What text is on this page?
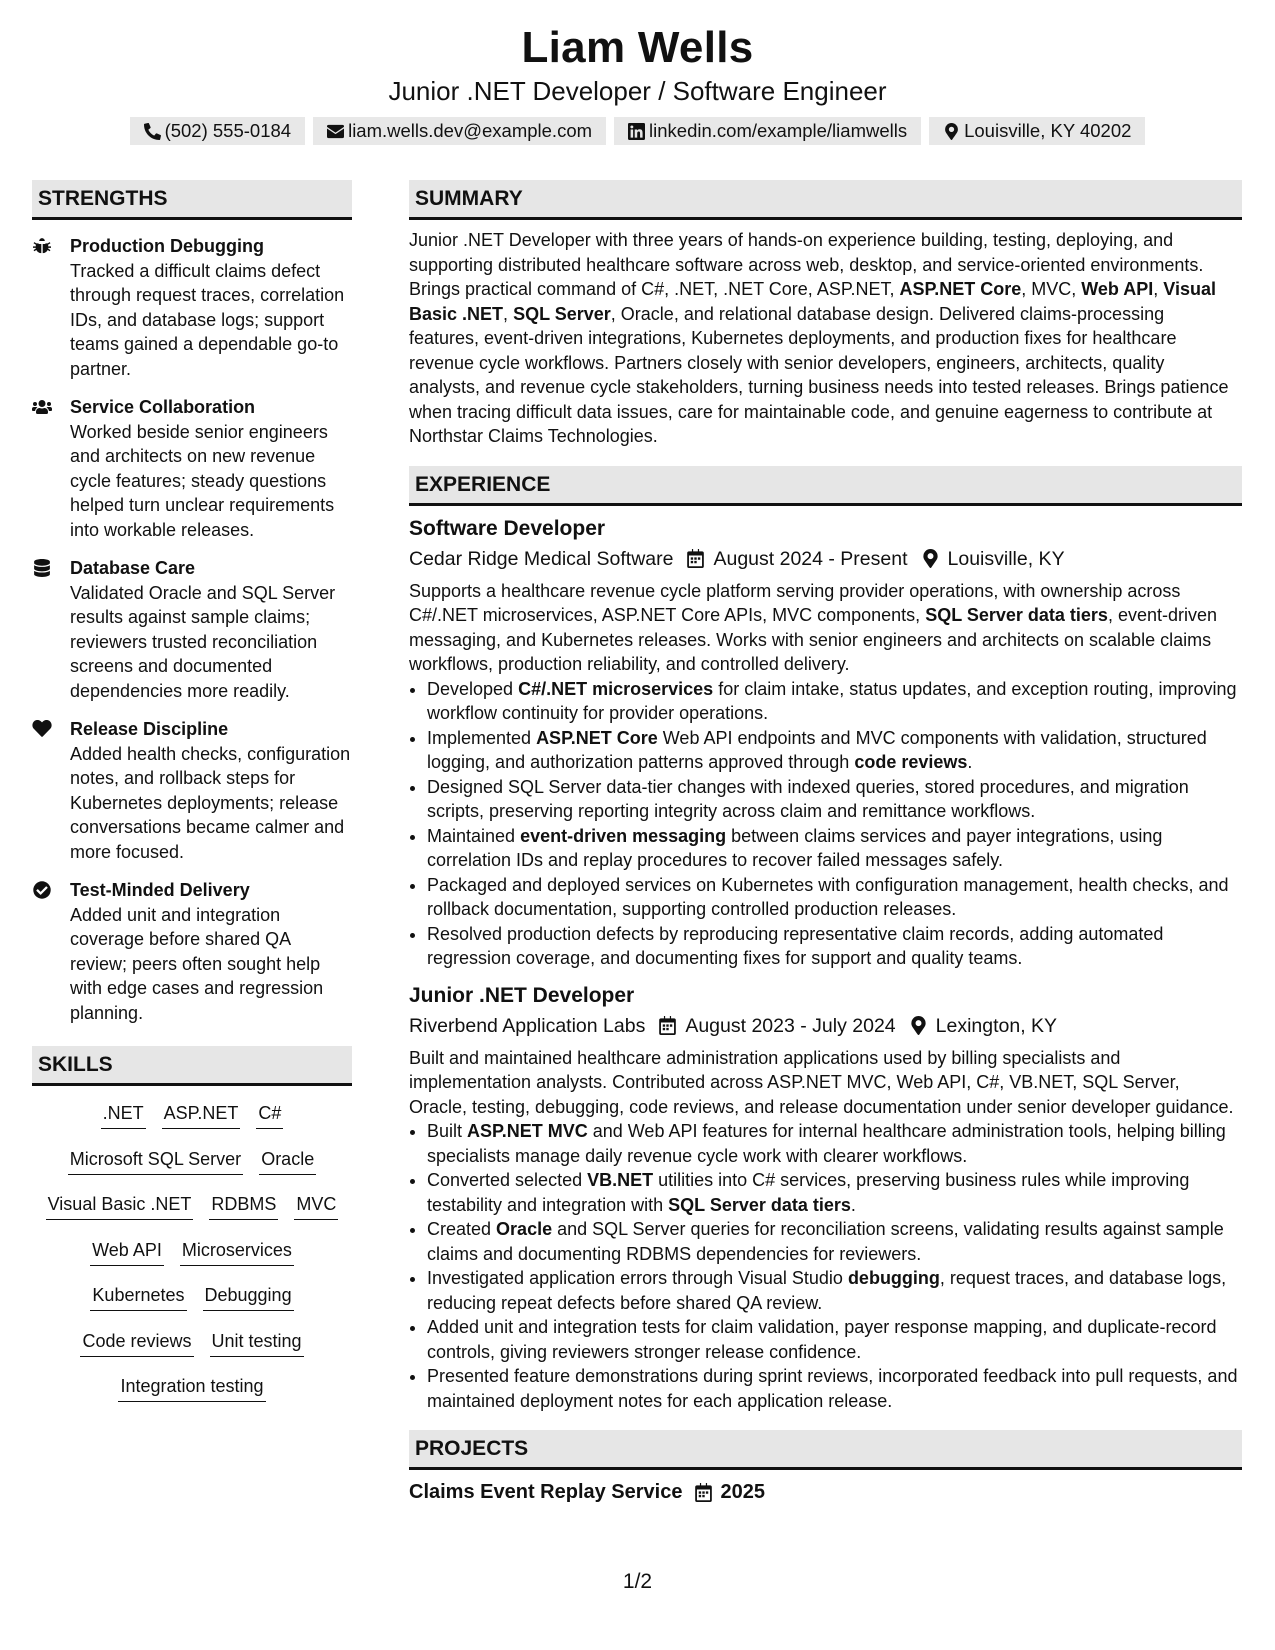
Liam Wells
Junior .NET Developer / Software Engineer
(502) 555-0184	liam.wells.dev@example.com	linkedin.com/example/liamwells	Louisville, KY 40202
STRENGTHS
Production Debugging
Tracked a difficult claims defect through request traces, correlation IDs, and database logs; support teams gained a dependable go-to partner.
Service Collaboration
Worked beside senior engineers and architects on new revenue cycle features; steady questions helped turn unclear requirements into workable releases.
Database Care
Validated Oracle and SQL Server results against sample claims; reviewers trusted reconciliation screens and documented dependencies more readily.
Release Discipline
Added health checks, configuration notes, and rollback steps for Kubernetes deployments; release conversations became calmer and more focused.
Test-Minded Delivery
Added unit and integration coverage before shared QA review; peers often sought help with edge cases and regression planning.
SKILLS
.NET ASP.NET C#
Microsoft SQL Server Oracle
Visual Basic .NET RDBMS MVC
Web API Microservices
Kubernetes Debugging
Code reviews Unit testing
Integration testing
SUMMARY
Junior .NET Developer with three years of hands-on experience building, testing, deploying, and supporting distributed healthcare software across web, desktop, and service-oriented environments. Brings practical command of C#, .NET, .NET Core, ASP.NET, ASP.NET Core, MVC, Web API, Visual Basic .NET, SQL Server, Oracle, and relational database design. Delivered claims-processing features, event-driven integrations, Kubernetes deployments, and production fixes for healthcare revenue cycle workflows. Partners closely with senior developers, engineers, architects, quality analysts, and revenue cycle stakeholders, turning business needs into tested releases. Brings patience when tracing difficult data issues, care for maintainable code, and genuine eagerness to contribute at Northstar Claims Technologies.
EXPERIENCE
Software Developer
Cedar Ridge Medical Software August 2024 - Present Louisville, KY
Supports a healthcare revenue cycle platform serving provider operations, with ownership across C#/.NET microservices, ASP.NET Core APIs, MVC components, SQL Server data tiers, event-driven messaging, and Kubernetes releases. Works with senior engineers and architects on scalable claims workflows, production reliability, and controlled delivery.
• Developed C#/.NET microservices for claim intake, status updates, and exception routing, improving workflow continuity for provider operations.
• Implemented ASP.NET Core Web API endpoints and MVC components with validation, structured logging, and authorization patterns approved through code reviews.
• Designed SQL Server data-tier changes with indexed queries, stored procedures, and migration scripts, preserving reporting integrity across claim and remittance workflows.
• Maintained event-driven messaging between claims services and payer integrations, using correlation IDs and replay procedures to recover failed messages safely.
• Packaged and deployed services on Kubernetes with configuration management, health checks, and rollback documentation, supporting controlled production releases.
• Resolved production defects by reproducing representative claim records, adding automated regression coverage, and documenting fixes for support and quality teams.
Junior .NET Developer
Riverbend Application Labs August 2023 - July 2024 Lexington, KY
Built and maintained healthcare administration applications used by billing specialists and implementation analysts. Contributed across ASP.NET MVC, Web API, C#, VB.NET, SQL Server, Oracle, testing, debugging, code reviews, and release documentation under senior developer guidance.
• Built ASP.NET MVC and Web API features for internal healthcare administration tools, helping billing specialists manage daily revenue cycle work with clearer workflows.
• Converted selected VB.NET utilities into C# services, preserving business rules while improving testability and integration with SQL Server data tiers.
• Created Oracle and SQL Server queries for reconciliation screens, validating results against sample claims and documenting RDBMS dependencies for reviewers.
• Investigated application errors through Visual Studio debugging, request traces, and database logs, reducing repeat defects before shared QA review.
• Added unit and integration tests for claim validation, payer response mapping, and duplicate-record controls, giving reviewers stronger release confidence.
• Presented feature demonstrations during sprint reviews, incorporated feedback into pull requests, and maintained deployment notes for each application release.
PROJECTS
Claims Event Replay Service 2025
1/2
